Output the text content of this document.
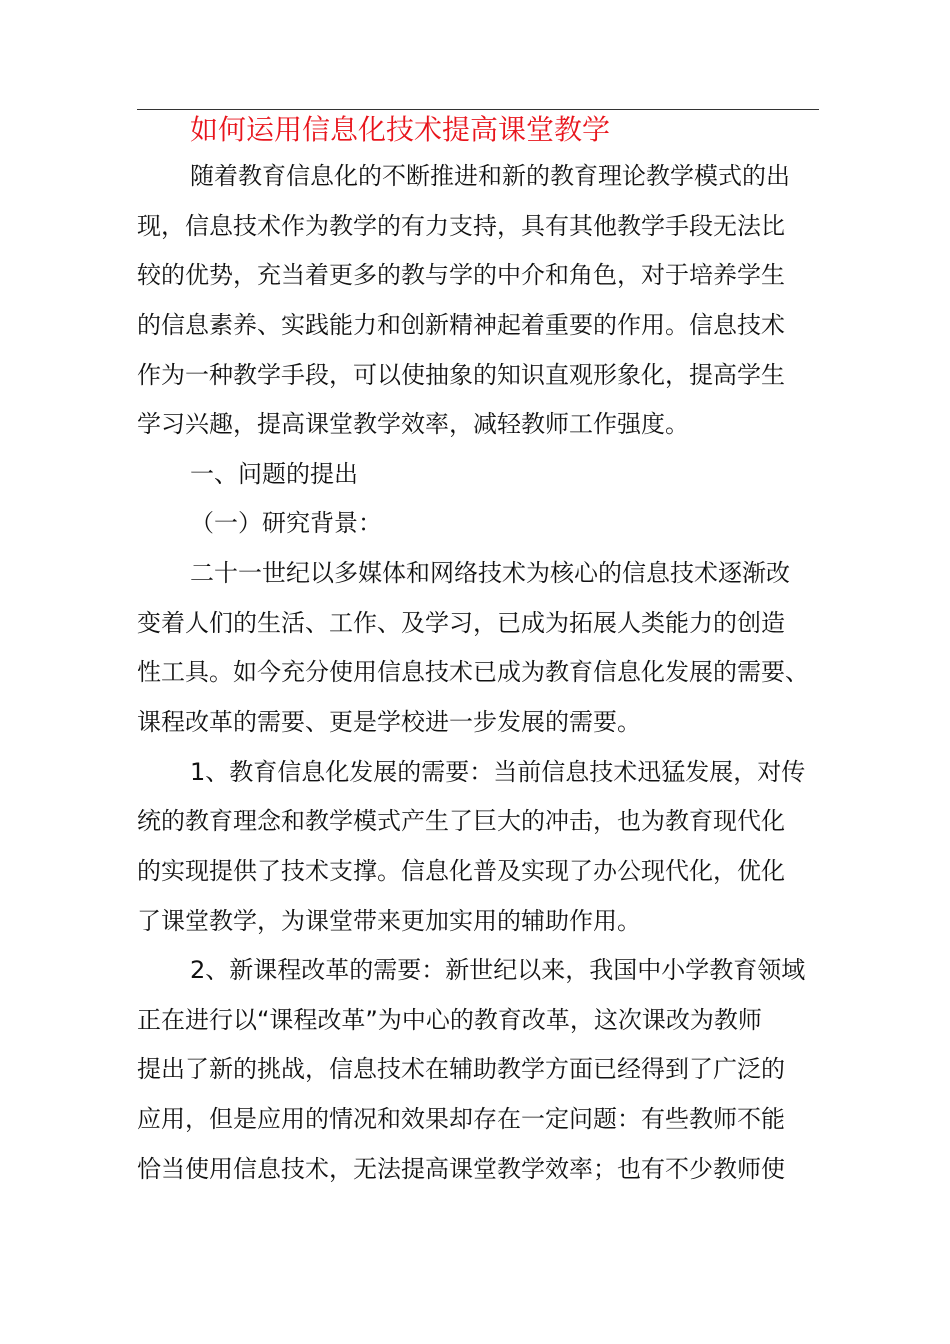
如何运用信息化技术提高课堂教学
随着教育信息化的不断推进和新的教育理论教学模式的出
现，信息技术作为教学的有力支持，具有其他教学手段无法比
较的优势，充当着更多的教与学的中介和角色，对于培养学生
的信息素养、实践能力和创新精神起着重要的作用。信息技术
作为一种教学手段，可以使抽象的知识直观形象化，提高学生
学习兴趣，提高课堂教学效率，减轻教师工作强度。
一、问题的提出
（一）研究背景：
二十一世纪以多媒体和网络技术为核心的信息技术逐渐改
变着人们的生活、工作、及学习，已成为拓展人类能力的创造
性工具。如今充分使用信息技术已成为教育信息化发展的需要、
课程改革的需要、更是学校进一步发展的需要。
1、教育信息化发展的需要：当前信息技术迅猛发展，对传
统的教育理念和教学模式产生了巨大的冲击，也为教育现代化
的实现提供了技术支撑。信息化普及实现了办公现代化，优化
了课堂教学，为课堂带来更加实用的辅助作用。
2、新课程改革的需要：新世纪以来，我国中小学教育领域
正在进行以“课程改革”为中心的教育改革，这次课改为教师
提出了新的挑战，信息技术在辅助教学方面已经得到了广泛的
应用，但是应用的情况和效果却存在一定问题：有些教师不能
恰当使用信息技术，无法提高课堂教学效率；也有不少教师使
